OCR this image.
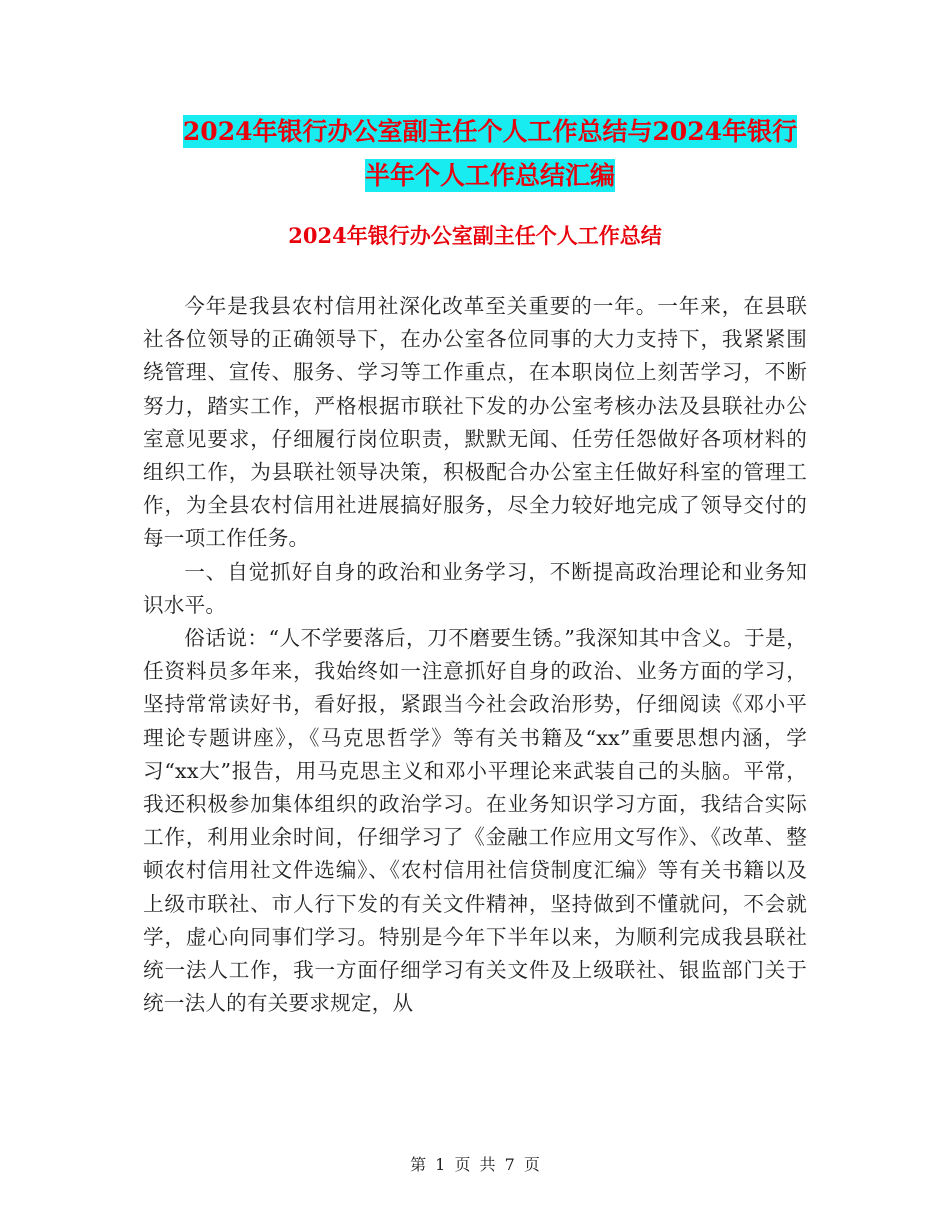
2024年银行办公室副主任个人工作总结与2024年银行
半年个人工作总结汇编
2024年银行办公室副主任个人工作总结

今年是我县农村信用社深化改革至关重要的一年。一年来，在县联社各位领导的正确领导下，在办公室各位同事的大力支持下，我紧紧围绕管理、宣传、服务、学习等工作重点，在本职岗位上刻苦学习，不断努力，踏实工作，严格根据市联社下发的办公室考核办法及县联社办公室意见要求，仔细履行岗位职责，默默无闻、任劳任怨做好各项材料的组织工作，为县联社领导决策，积极配合办公室主任做好科室的管理工作，为全县农村信用社进展搞好服务，尽全力较好地完成了领导交付的每一项工作任务。

一、自觉抓好自身的政治和业务学习，不断提高政治理论和业务知识水平。

俗话说：“人不学要落后，刀不磨要生锈。”我深知其中含义。于是，任资料员多年来，我始终如一注意抓好自身的政治、业务方面的学习，坚持常常读好书，看好报，紧跟当今社会政治形势，仔细阅读《邓小平理论专题讲座》，《马克思哲学》等有关书籍及“xx”重要思想内涵，学习“xx大”报告，用马克思主义和邓小平理论来武装自己的头脑。平常，我还积极参加集体组织的政治学习。在业务知识学习方面，我结合实际工作，利用业余时间，仔细学习了《金融工作应用文写作》、《改革、整顿农村信用社文件选编》、《农村信用社信贷制度汇编》等有关书籍以及上级市联社、市人行下发的有关文件精神，坚持做到不懂就问，不会就学，虚心向同事们学习。特别是今年下半年以来，为顺利完成我县联社统一法人工作，我一方面仔细学习有关文件及上级联社、银监部门关于统一法人的有关要求规定，从

第 1 页 共 7 页
